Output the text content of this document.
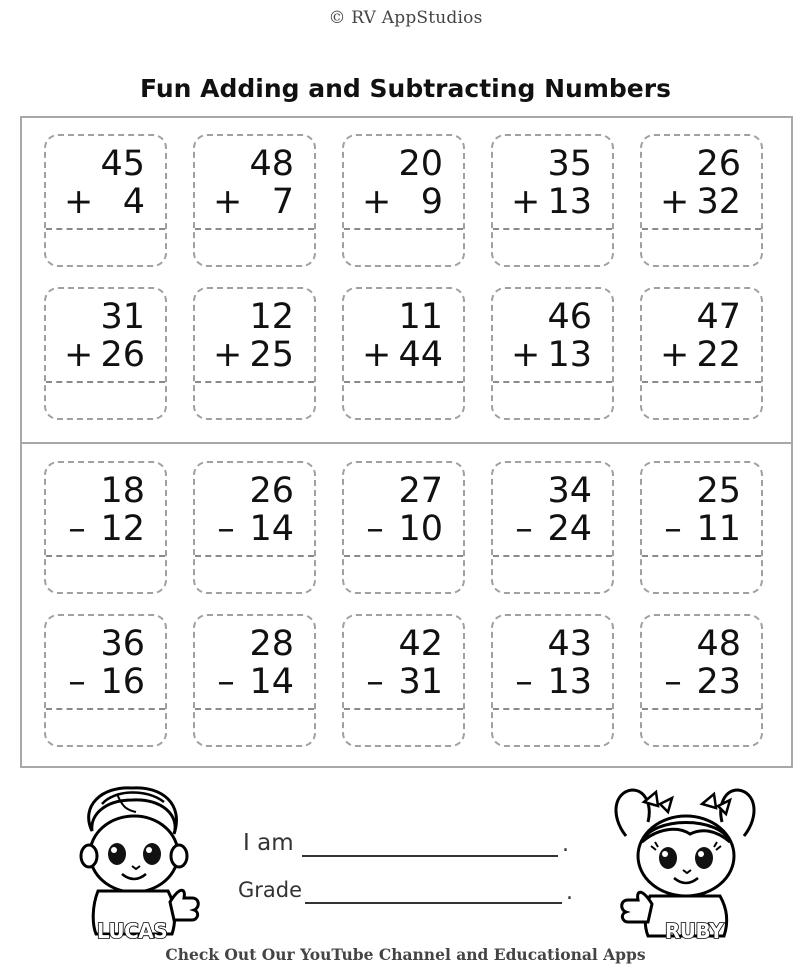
© RV AppStudios
Fun Adding and Subtracting Numbers
45
+ 4
48
+ 7
20
+ 9
35
+ 13
26
+ 32
31
+ 26
12
+ 25
11
+ 44
46
+ 13
47
+ 22
18
– 12
26
– 14
27
– 10
34
– 24
25
– 11
36
– 16
28
– 14
42
– 31
43
– 13
48
– 23
I am	.
Grade	.
LUCAS	RUBY
Check Out Our YouTube Channel and Educational Apps
